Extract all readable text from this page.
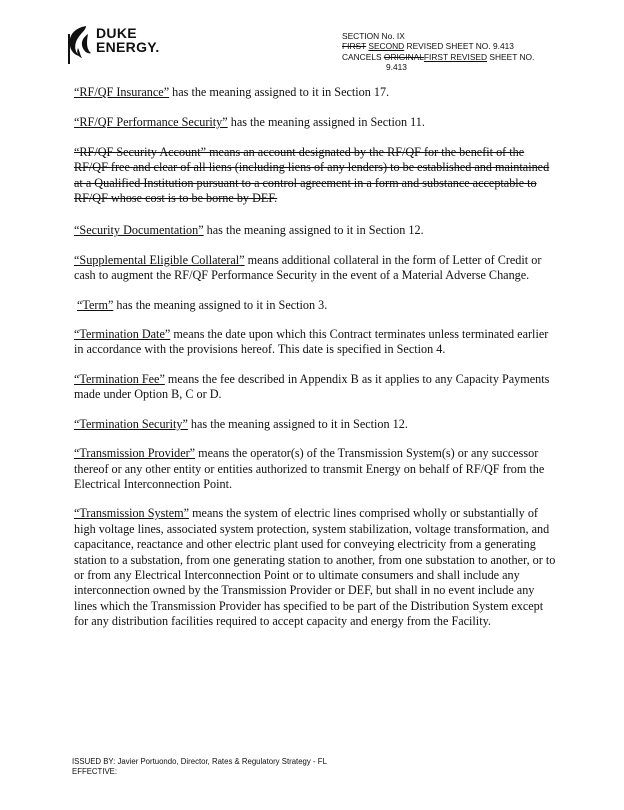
DUKE
ENERGY.
SECTION No. IX
FIRST SECOND REVISED SHEET NO. 9.413
CANCELS ORIGINALFIRST REVISED SHEET NO.
9.413

“RF/QF Insurance” has the meaning assigned to it in Section 17.

“RF/QF Performance Security” has the meaning assigned in Section 11.

“RF/QF Security Account” means an account designated by the RF/QF for the benefit of the RF/QF free and clear of all liens (including liens of any lenders) to be established and maintained at a Qualified Institution pursuant to a control agreement in a form and substance acceptable to RF/QF whose cost is to be borne by DEF.

“Security Documentation” has the meaning assigned to it in Section 12.

“Supplemental Eligible Collateral” means additional collateral in the form of Letter of Credit or cash to augment the RF/QF Performance Security in the event of a Material Adverse Change.

“Term” has the meaning assigned to it in Section 3.

“Termination Date” means the date upon which this Contract terminates unless terminated earlier in accordance with the provisions hereof. This date is specified in Section 4.

“Termination Fee” means the fee described in Appendix B as it applies to any Capacity Payments made under Option B, C or D.

“Termination Security” has the meaning assigned to it in Section 12.

“Transmission Provider” means the operator(s) of the Transmission System(s) or any successor thereof or any other entity or entities authorized to transmit Energy on behalf of RF/QF from the Electrical Interconnection Point.

“Transmission System” means the system of electric lines comprised wholly or substantially of high voltage lines, associated system protection, system stabilization, voltage transformation, and capacitance, reactance and other electric plant used for conveying electricity from a generating station to a substation, from one generating station to another, from one substation to another, or to or from any Electrical Interconnection Point or to ultimate consumers and shall include any interconnection owned by the Transmission Provider or DEF, but shall in no event include any lines which the Transmission Provider has specified to be part of the Distribution System except for any distribution facilities required to accept capacity and energy from the Facility.

ISSUED BY: Javier Portuondo, Director, Rates & Regulatory Strategy - FL
EFFECTIVE:
